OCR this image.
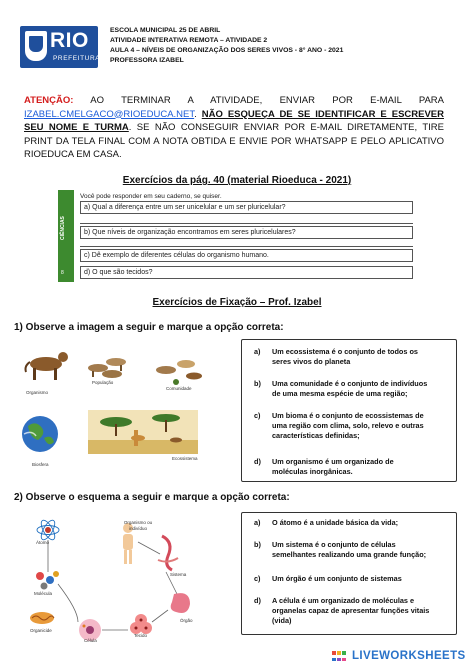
RIO
PREFEITURA
ESCOLA MUNICIPAL 25 DE ABRIL
ATIVIDADE INTERATIVA REMOTA – ATIVIDADE 2
AULA 4 – NÍVEIS DE ORGANIZAÇÃO DOS SERES VIVOS - 8° ANO - 2021
PROFESSORA IZABEL
ATENÇÃO: AO TERMINAR A ATIVIDADE, ENVIAR POR E-MAIL PARA IZABEL.CMELGACO@RIOEDUCA.NET. NÃO ESQUEÇA DE SE IDENTIFICAR E ESCREVER SEU NOME E TURMA. SE NÃO CONSEGUIR ENVIAR POR E-MAIL DIRETAMENTE, TIRE PRINT DA TELA FINAL COM A NOTA OBTIDA E ENVIE POR WHATSAPP E PELO APLICATIVO RIOEDUCA EM CASA.
Exercícios da pág. 40 (material Rioeduca - 2021)
CIÊNCIAS
8
Você pode responder em seu caderno, se quiser.
a) Qual a diferença entre um ser unicelular e um ser pluricelular?
b) Que níveis de organização encontramos em seres pluricelulares?
c) Dê exemplo de diferentes células do organismo humano.
d) O que são tecidos?
Exercícios de Fixação – Prof. Izabel
1) Observe a imagem a seguir e marque a opção correta:
Organismo
População
Comunidade
Biosfera
Ecossistema
a)	Um ecossistema é o conjunto de todos os
seres vivos do planeta
b)	Uma comunidade é o conjunto de indivíduos
de uma mesma espécie de uma região;
c)	Um bioma é o conjunto de ecossistemas de
uma região com clima, solo, relevo e outras
características definidas;
d)	Um organismo é um organizado de
moléculas inorgânicas.
2) Observe o esquema a seguir e marque a opção correta:
Átomo
Molécula
Organismo ou indivíduo
Sistema
Órgão
Tecido
Célula
Organicide
a)	O átomo é a unidade básica da vida;
b)	Um sistema é o conjunto de células
semelhantes realizando uma grande função;
c)	Um órgão é um conjunto de sistemas
d)	A célula é um organizado de moléculas e
organelas capaz de apresentar funções vitais
(vida)
LIVEWORKSHEETS
